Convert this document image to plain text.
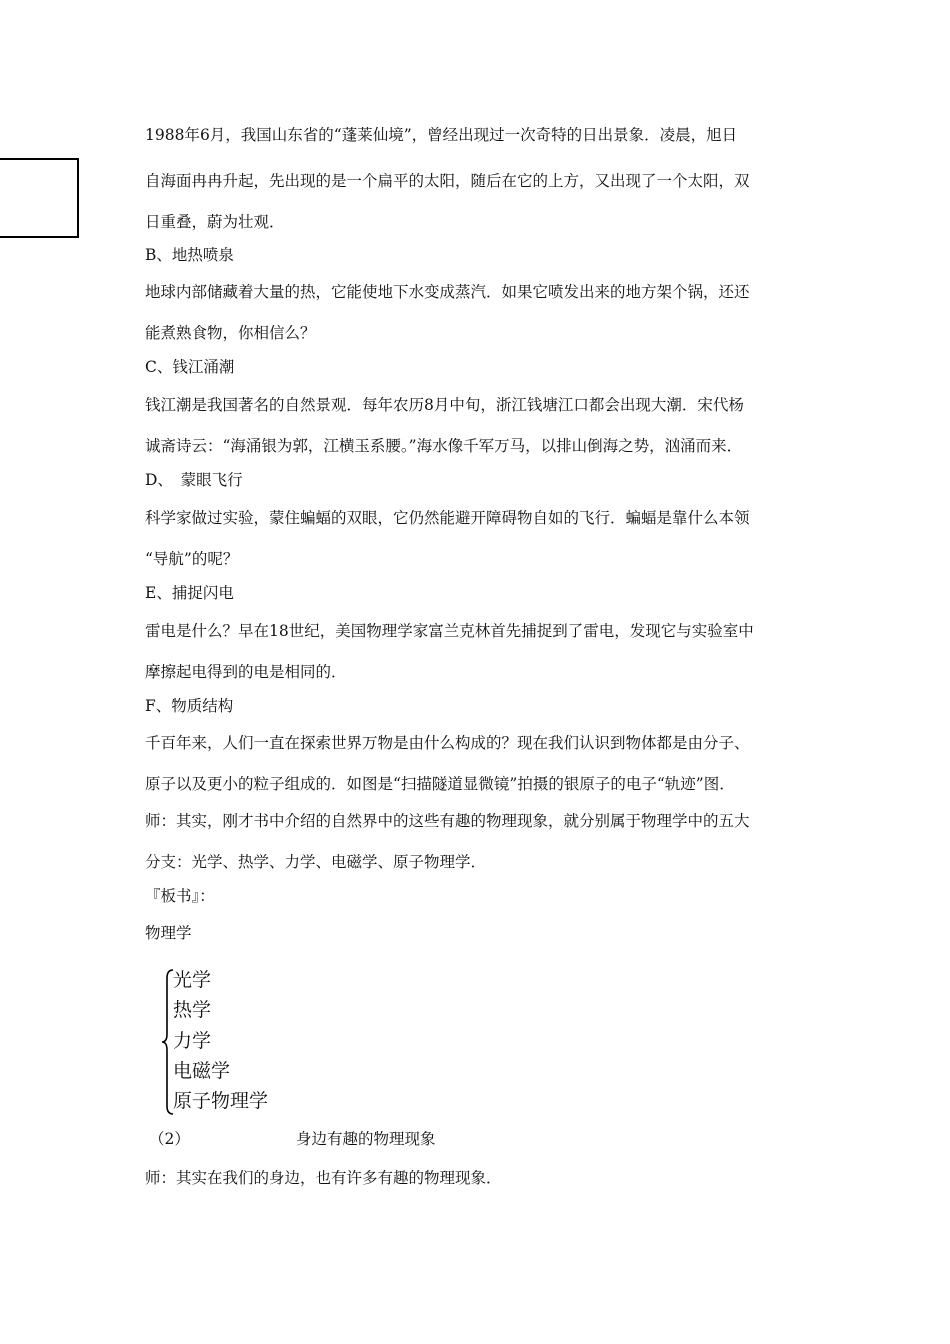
1988年6月，我国山东省的“蓬莱仙境”，曾经出现过一次奇特的日出景象．凌晨，旭日
自海面冉冉升起，先出现的是一个扁平的太阳，随后在它的上方，又出现了一个太阳，双
日重叠，蔚为壮观．
B、地热喷泉
地球内部储藏着大量的热，它能使地下水变成蒸汽．如果它喷发出来的地方架个锅，还还
能煮熟食物，你相信么？
C、钱江涌潮
钱江潮是我国著名的自然景观．每年农历8月中旬，浙江钱塘江口都会出现大潮．宋代杨
诚斋诗云：“海涌银为郭，江横玉系腰。”海水像千军万马，以排山倒海之势，汹涌而来．
D、　蒙眼飞行
科学家做过实验，蒙住蝙蝠的双眼，它仍然能避开障碍物自如的飞行．蝙蝠是靠什么本领
“导航”的呢？
E、捕捉闪电
雷电是什么？早在18世纪，美国物理学家富兰克林首先捕捉到了雷电，发现它与实验室中
摩擦起电得到的电是相同的．
F、物质结构
千百年来，人们一直在探索世界万物是由什么构成的？现在我们认识到物体都是由分子、
原子以及更小的粒子组成的．如图是“扫描隧道显微镜”拍摄的银原子的电子“轨迹”图．
师：其实，刚才书中介绍的自然界中的这些有趣的物理现象，就分别属于物理学中的五大
分支：光学、热学、力学、电磁学、原子物理学．
『板书』：
物理学
光学
热学
力学
电磁学
原子物理学
（2）	身边有趣的物理现象
师：其实在我们的身边，也有许多有趣的物理现象．
